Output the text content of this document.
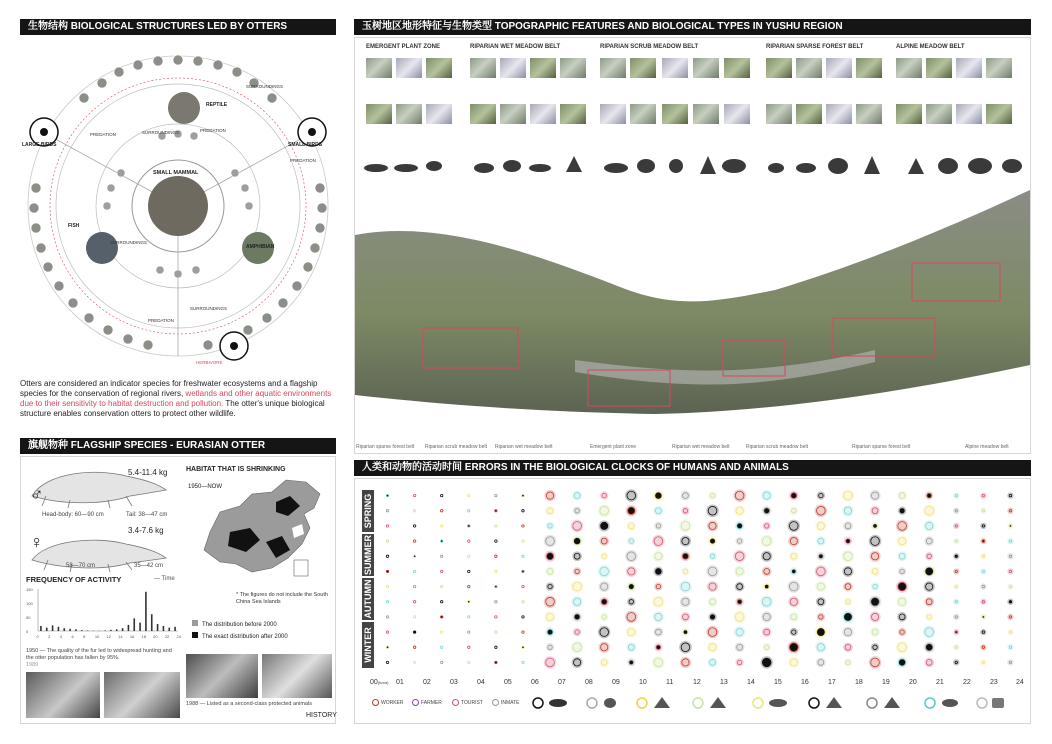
生物结构 BIOLOGICAL STRUCTURES LED BY OTTERS	玉树地区地形特征与生物类型 TOPOGRAPHIC FEATURES AND BIOLOGICAL TYPES IN YUSHU REGION
旗舰物种 FLAGSHIP SPECIES - EURASIAN OTTER
人类和动物的活动时间 ERRORS IN THE BIOLOGICAL CLOCKS OF HUMANS AND ANIMALS
SMALL MAMMAL
LARGE BIRDS	SMALL BIRDS
FISH
AMPHIBIAN
REPTILE
PREDATION	SURROUNDINGS	PREDATION
SURROUNDINGS
PREDATION
SURROUNDINGS
PREDATION
SURROUNDINGS
HERBIVORE
Otters are considered an indicator species for freshwater ecosystems and a flagship species for the conservation of regional rivers, wetlands and other aquatic environments due to their sensitivity to habitat destruction and pollution. The otter's unique biological structure enables conservation otters to protect other wildlife.
EMERGENT PLANT ZONE	RIPARIAN WET MEADOW BELT	RIPARIAN SCRUB MEADOW BELT	RIPARIAN SPARSE FOREST BELT	ALPINE MEADOW BELT
Riparian sparse forest belt Riparian scrub meadow belt Riparian wet meadow belt	Emergent plant zone	Riparian wet meadow belt	Riparian scrub meadow belt	Riparian sparse forest belt	Alpine meadow belt
♂
♀
5.4-11.4 kg
Head-body: 60—90 cm	Tail: 38—47 cm
3.4-7.6 kg
58—70 cm	35—42 cm
HABITAT THAT IS SHRINKING
1950—NOW
* The figures do not include the South China Sea Islands
The distribution before 2000
The exact distribution after 2000
FREQUENCY OF ACTIVITY	— Time
150
100
50
0
0 2 4 6 8 10 12 14 16 18 20 22 24
1950 — The quality of the fur led to widespread hunting and the otter population has fallen by 95%.
1989
1988 — Listed as a second-class protected animals
HISTORY
SPRING
SUMMER
AUTUMN
WINTER
00(hour) 01	02	03	04	05	06	07	08	09	10	11	12	13	14	15	16	17	18	19	20	21	22	23	24
WORKER	FARMER	TOURIST	INMATE
